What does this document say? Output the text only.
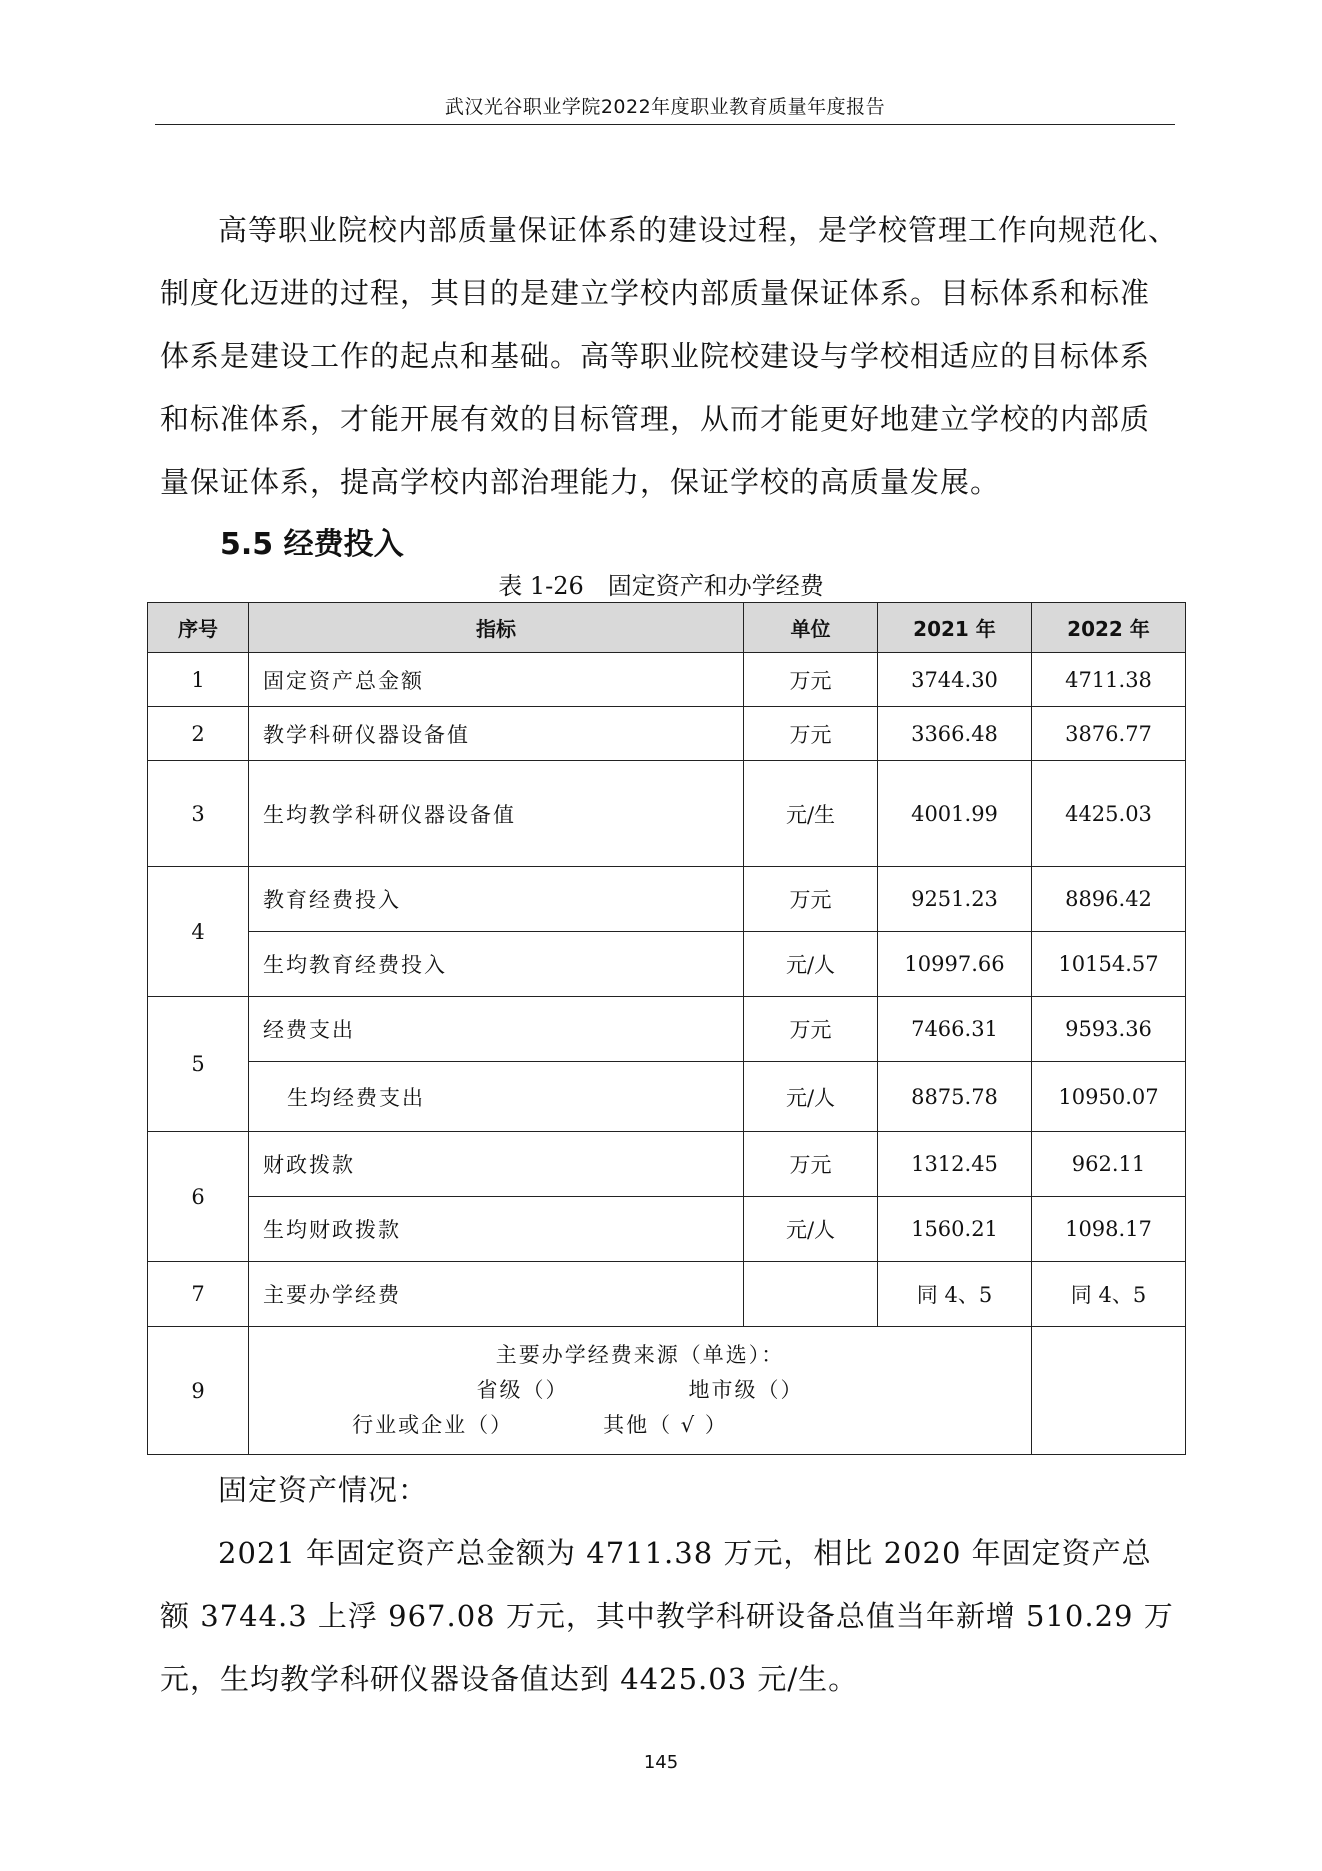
武汉光谷职业学院2022年度职业教育质量年度报告

高等职业院校内部质量保证体系的建设过程，是学校管理工作向规范化、制度化迈进的过程，其目的是建立学校内部质量保证体系。目标体系和标准体系是建设工作的起点和基础。高等职业院校建设与学校相适应的目标体系和标准体系，才能开展有效的目标管理，从而才能更好地建立学校的内部质量保证体系，提高学校内部治理能力，保证学校的高质量发展。

5.5 经费投入
表 1-26　固定资产和办学经费
序号	指标	单位	2021 年	2022 年
1	固定资产总金额	万元	3744.30	4711.38
2	教学科研仪器设备值	万元	3366.48	3876.77
3	生均教学科研仪器设备值	元/生	4001.99	4425.03
4	教育经费投入	万元	9251.23	8896.42
	生均教育经费投入	元/人	10997.66	10154.57
5	经费支出	万元	7466.31	9593.36
	生均经费支出	元/人	8875.78	10950.07
6	财政拨款	万元	1312.45	962.11
	生均财政拨款	元/人	1560.21	1098.17
7	主要办学经费		同 4、5	同 4、5
9	主要办学经费来源（单选）：
省级（） 地市级（）
行业或企业（） 其他（ √ ）			

固定资产情况：

2021 年固定资产总金额为 4711.38 万元，相比 2020 年固定资产总额 3744.3 上浮 967.08 万元，其中教学科研设备总值当年新增 510.29 万元，生均教学科研仪器设备值达到 4425.03 元/生。

145
